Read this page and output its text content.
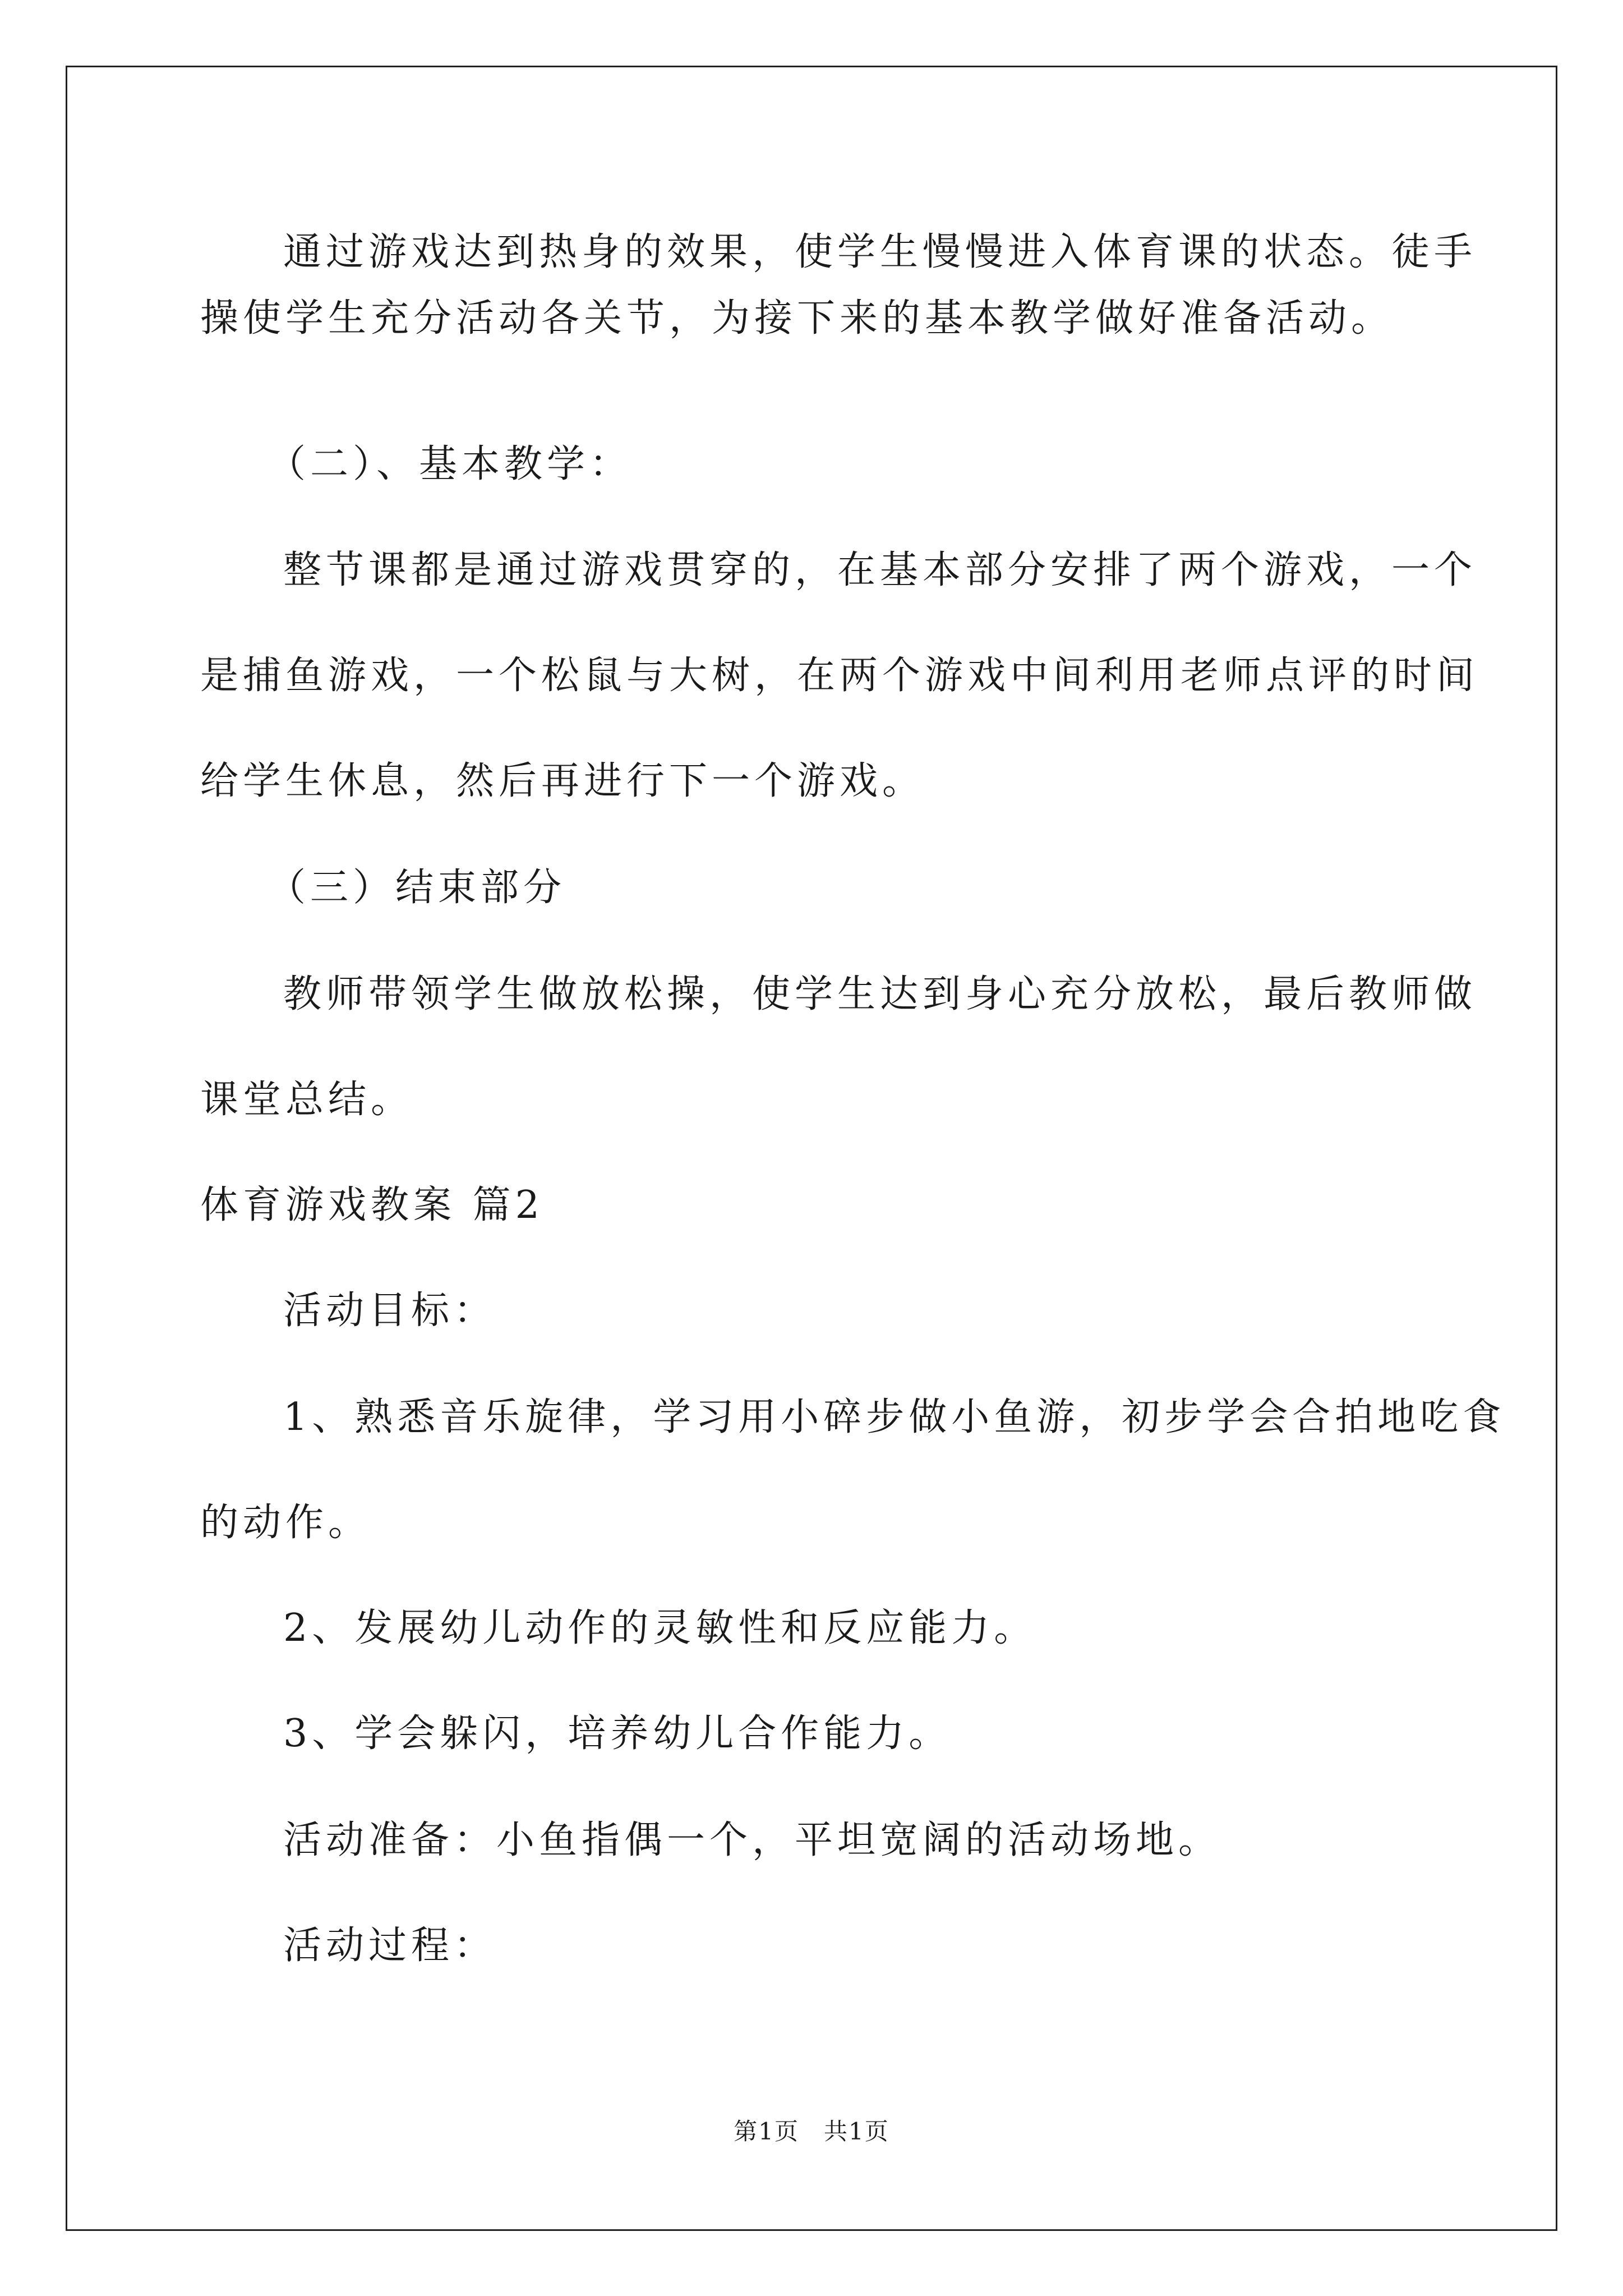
通过游戏达到热身的效果，使学生慢慢进入体育课的状态。徒手
操使学生充分活动各关节，为接下来的基本教学做好准备活动。
（二）、基本教学：
整节课都是通过游戏贯穿的，在基本部分安排了两个游戏，一个
是捕鱼游戏，一个松鼠与大树，在两个游戏中间利用老师点评的时间
给学生休息，然后再进行下一个游戏。
（三）结束部分
教师带领学生做放松操，使学生达到身心充分放松，最后教师做
课堂总结。
体育游戏教案 篇2
活动目标：
1、熟悉音乐旋律，学习用小碎步做小鱼游，初步学会合拍地吃食
的动作。
2、发展幼儿动作的灵敏性和反应能力。
3、学会躲闪，培养幼儿合作能力。
活动准备：小鱼指偶一个，平坦宽阔的活动场地。
活动过程：
第1页　共1页
